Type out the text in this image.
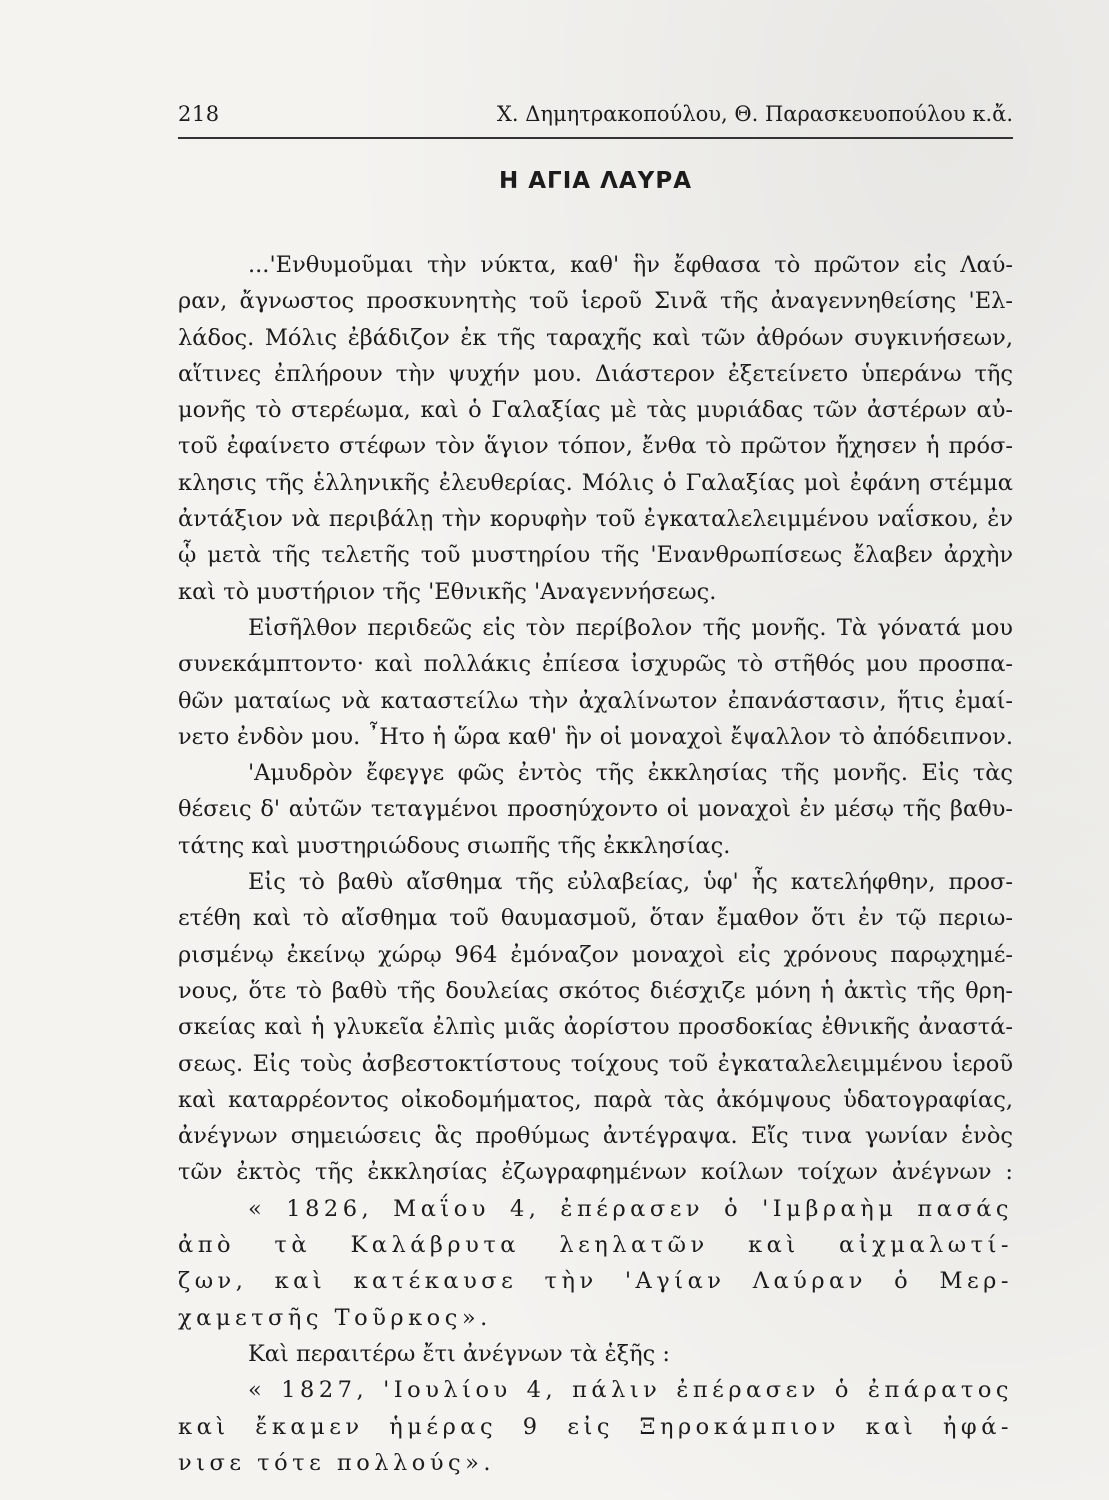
218	Χ. Δημητρακοπούλου, Θ. Παρασκευοπούλου κ.ἄ.
Η ΑΓΙΑ ΛΑΥΡΑ
...'Ενθυμοῦμαι τὴν νύκτα, καθ' ἣν ἔφθασα τὸ πρῶτον εἰς Λαύ-
ραν, ἄγνωστος προσκυνητὴς τοῦ ἱεροῦ Σινᾶ τῆς ἀναγεννηθείσης 'Ελ-
λάδος. Μόλις ἐβάδιζον ἐκ τῆς ταραχῆς καὶ τῶν ἀθρόων συγκινήσεων,
αἵτινες ἐπλήρουν τὴν ψυχήν μου. Διάστερον ἐξετείνετο ὑπεράνω τῆς
μονῆς τὸ στερέωμα, καὶ ὁ Γαλαξίας μὲ τὰς μυριάδας τῶν ἀστέρων αὐ-
τοῦ ἐφαίνετο στέφων τὸν ἅγιον τόπον, ἔνθα τὸ πρῶτον ἤχησεν ἡ πρόσ-
κλησις τῆς ἑλληνικῆς ἐλευθερίας. Μόλις ὁ Γαλαξίας μοὶ ἐφάνη στέμμα
ἀντάξιον νὰ περιβάλῃ τὴν κορυφὴν τοῦ ἐγκαταλελειμμένου ναΐσκου, ἐν
ᾧ μετὰ τῆς τελετῆς τοῦ μυστηρίου τῆς 'Ενανθρωπίσεως ἔλαβεν ἀρχὴν
καὶ τὸ μυστήριον τῆς 'Εθνικῆς 'Αναγεννήσεως.
Εἰσῆλθον περιδεῶς εἰς τὸν περίβολον τῆς μονῆς. Τὰ γόνατά μου
συνεκάμπτοντο· καὶ πολλάκις ἐπίεσα ἰσχυρῶς τὸ στῆθός μου προσπα-
θῶν ματαίως νὰ καταστείλω τὴν ἀχαλίνωτον ἐπανάστασιν, ἥτις ἐμαί-
νετο ἐνδὸν μου. ῏Ητο ἡ ὥρα καθ' ἣν οἱ μοναχοὶ ἔψαλλον τὸ ἀπόδειπνον.
'Αμυδρὸν ἔφεγγε φῶς ἐντὸς τῆς ἐκκλησίας τῆς μονῆς. Εἰς τὰς
θέσεις δ' αὐτῶν τεταγμένοι προσηύχοντο οἱ μοναχοὶ ἐν μέσῳ τῆς βαθυ-
τάτης καὶ μυστηριώδους σιωπῆς τῆς ἐκκλησίας.
Εἰς τὸ βαθὺ αἴσθημα τῆς εὐλαβείας, ὑφ' ἧς κατελήφθην, προσ-
ετέθη καὶ τὸ αἴσθημα τοῦ θαυμασμοῦ, ὅταν ἔμαθον ὅτι ἐν τῷ περιω-
ρισμένῳ ἐκείνῳ χώρῳ 964 ἐμόναζον μοναχοὶ εἰς χρόνους παρῳχημέ-
νους, ὅτε τὸ βαθὺ τῆς δουλείας σκότος διέσχιζε μόνη ἡ ἀκτὶς τῆς θρη-
σκείας καὶ ἡ γλυκεῖα ἐλπὶς μιᾶς ἀορίστου προσδοκίας ἐθνικῆς ἀναστά-
σεως. Εἰς τοὺς ἀσβεστοκτίστους τοίχους τοῦ ἐγκαταλελειμμένου ἱεροῦ
καὶ καταρρέοντος οἰκοδομήματος, παρὰ τὰς ἀκόμψους ὑδατογραφίας,
ἀνέγνων σημειώσεις ἃς προθύμως ἀντέγραψα. Εἴς τινα γωνίαν ἑνὸς
τῶν ἐκτὸς τῆς ἐκκλησίας ἐζωγραφημένων κοίλων τοίχων ἀνέγνων :
« 1826, Μαΐου 4, ἐπέρασεν ὁ 'Ιμβραὴμ πασάς
ἀπὸ τὰ Καλάβρυτα λεηλατῶν καὶ αἰχμαλωτί-
ζων, καὶ κατέκαυσε τὴν 'Αγίαν Λαύραν ὁ Μερ-
χαμετσῆς Τοῦρκος».
Καὶ περαιτέρω ἔτι ἀνέγνων τὰ ἑξῆς :
« 1827, 'Ιουλίου 4, πάλιν ἐπέρασεν ὁ ἐπάρατος
καὶ ἔκαμεν ἡμέρας 9 εἰς Ξηροκάμπιον καὶ ἠφά-
νισε τότε πολλούς».
